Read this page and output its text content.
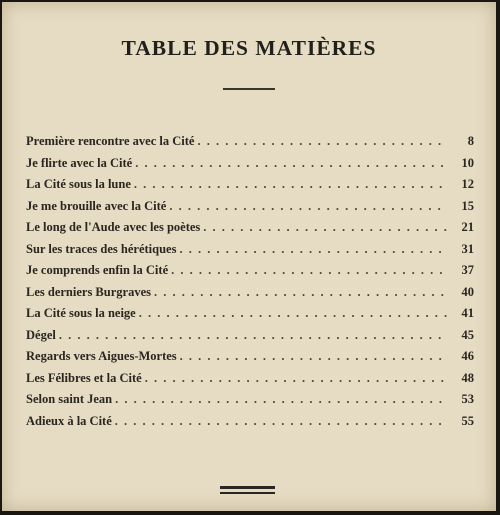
TABLE DES MATIÈRES
Première rencontre avec la Cité . . .	8
Je flirte avec la Cité . . .	10
La Cité sous la lune . . .	12
Je me brouille avec la Cité . . .	15
Le long de l'Aude avec les poètes . . .	21
Sur les traces des hérétiques . . .	31
Je comprends enfin la Cité . . .	37
Les derniers Burgraves . . .	40
La Cité sous la neige . . .	41
Dégel . . .	45
Regards vers Aigues-Mortes . . .	46
Les Félibres et la Cité . . .	48
Selon saint Jean . . .	53
Adieux à la Cité . . .	55
